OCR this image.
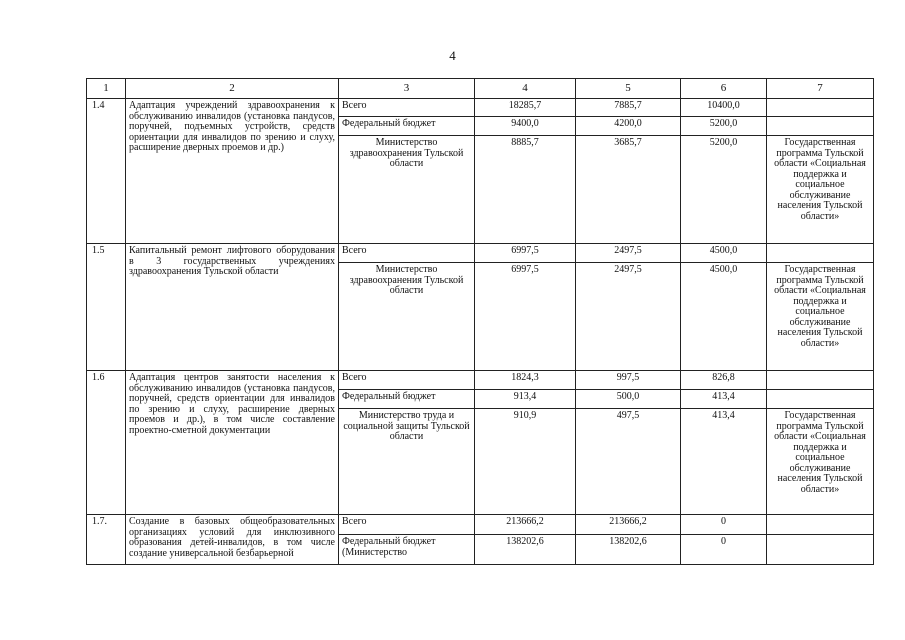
4
1	2	3	4	5	6	7
1.4	Адаптация учреждений здравоохранения к обслуживанию инвалидов (установка пандусов, поручней, подъемных устройств, средств ориентации для инвалидов по зрению и слуху, расширение дверных проемов и др.)	Всего	18285,7	7885,7	10400,0	
		Федеральный бюджет	9400,0	4200,0	5200,0	
		Министерство здравоохранения Тульской области	8885,7	3685,7	5200,0	Государственная программа Тульской области «Социальная поддержка и социальное обслуживание населения Тульской области»
1.5	Капитальный ремонт лифтового оборудования в 3 государственных учреждениях здравоохранения Тульской области	Всего	6997,5	2497,5	4500,0	
		Министерство здравоохранения Тульской области	6997,5	2497,5	4500,0	Государственная программа Тульской области «Социальная поддержка и социальное обслуживание населения Тульской области»
1.6	Адаптация центров занятости населения к обслуживанию инвалидов (установка пандусов, поручней, средств ориентации для инвалидов по зрению и слуху, расширение дверных проемов и др.), в том числе составление проектно-сметной документации	Всего	1824,3	997,5	826,8	
		Федеральный бюджет	913,4	500,0	413,4	
		Министерство труда и социальной защиты Тульской области	910,9	497,5	413,4	Государственная программа Тульской области «Социальная поддержка и социальное обслуживание населения Тульской области»
1.7.	Создание в базовых общеобразовательных организациях условий для инклюзивного образования детей-инвалидов, в том числе создание универсальной безбарьерной	Всего	213666,2	213666,2	0	
		Федеральный бюджет (Министерство	138202,6	138202,6	0	
